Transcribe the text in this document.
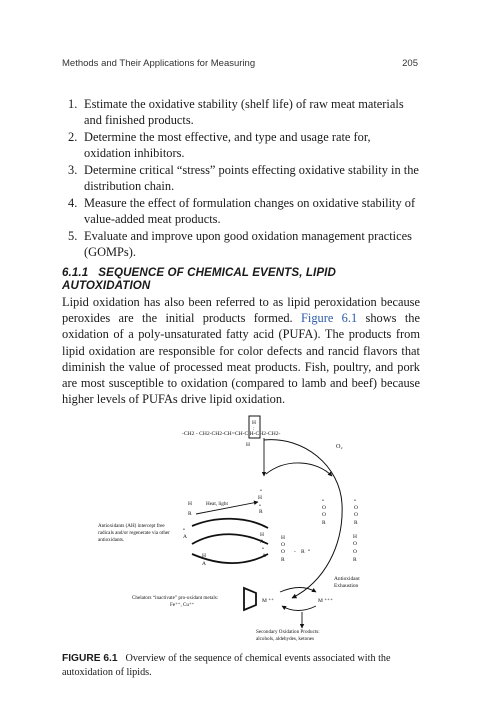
Methods and Their Applications for Measuring	205
1. Estimate the oxidative stability (shelf life) of raw meat materials and finished products.
2. Determine the most effective, and type and usage rate for, oxidation inhibitors.
3. Determine critical “stress” points effecting oxidative stability in the distribution chain.
4. Measure the effect of formulation changes on oxidative stability of value-added meat products.
5. Evaluate and improve upon good oxidation management practices (GOMPs).
6.1.1 SEQUENCE OF CHEMICAL EVENTS, LIPID AUTOXIDATION

Lipid oxidation has also been referred to as lipid peroxidation because peroxides are the initial products formed. Figure 6.1 shows the oxidation of a poly-unsaturated fatty acid (PUFA). The products from lipid oxidation are responsible for color defects and rancid flavors that diminish the value of processed meat products. Fish, poultry, and pork are most susceptible to oxidation (compared to lamb and beef) because higher levels of PUFAs drive lipid oxidation.

-CH2 - CH2-CH2-CH=CH-C H-CH2-CH2-
H
:
H	O₂
Heat, light
H
R
•
H
•
R
•
O
O
R
•
O
O
R
Antioxidants (AH) intercept free
radicals and/or regenerate via other
antioxidants.
•
A
H
A
H
A
H
O
O
R
•
A
- R •
H
O
O
R
Antioxidant
Exhaustion
Chelators “inactivate” pro-oxidant metals:
Fe⁺⁺, Cu⁺⁺
M ⁺⁺	M ⁺⁺⁺
Secondary Oxidation Products:
alcohols, aldehydes, ketones
FIGURE 6.1 Overview of the sequence of chemical events associated with the autoxidation of lipids.
